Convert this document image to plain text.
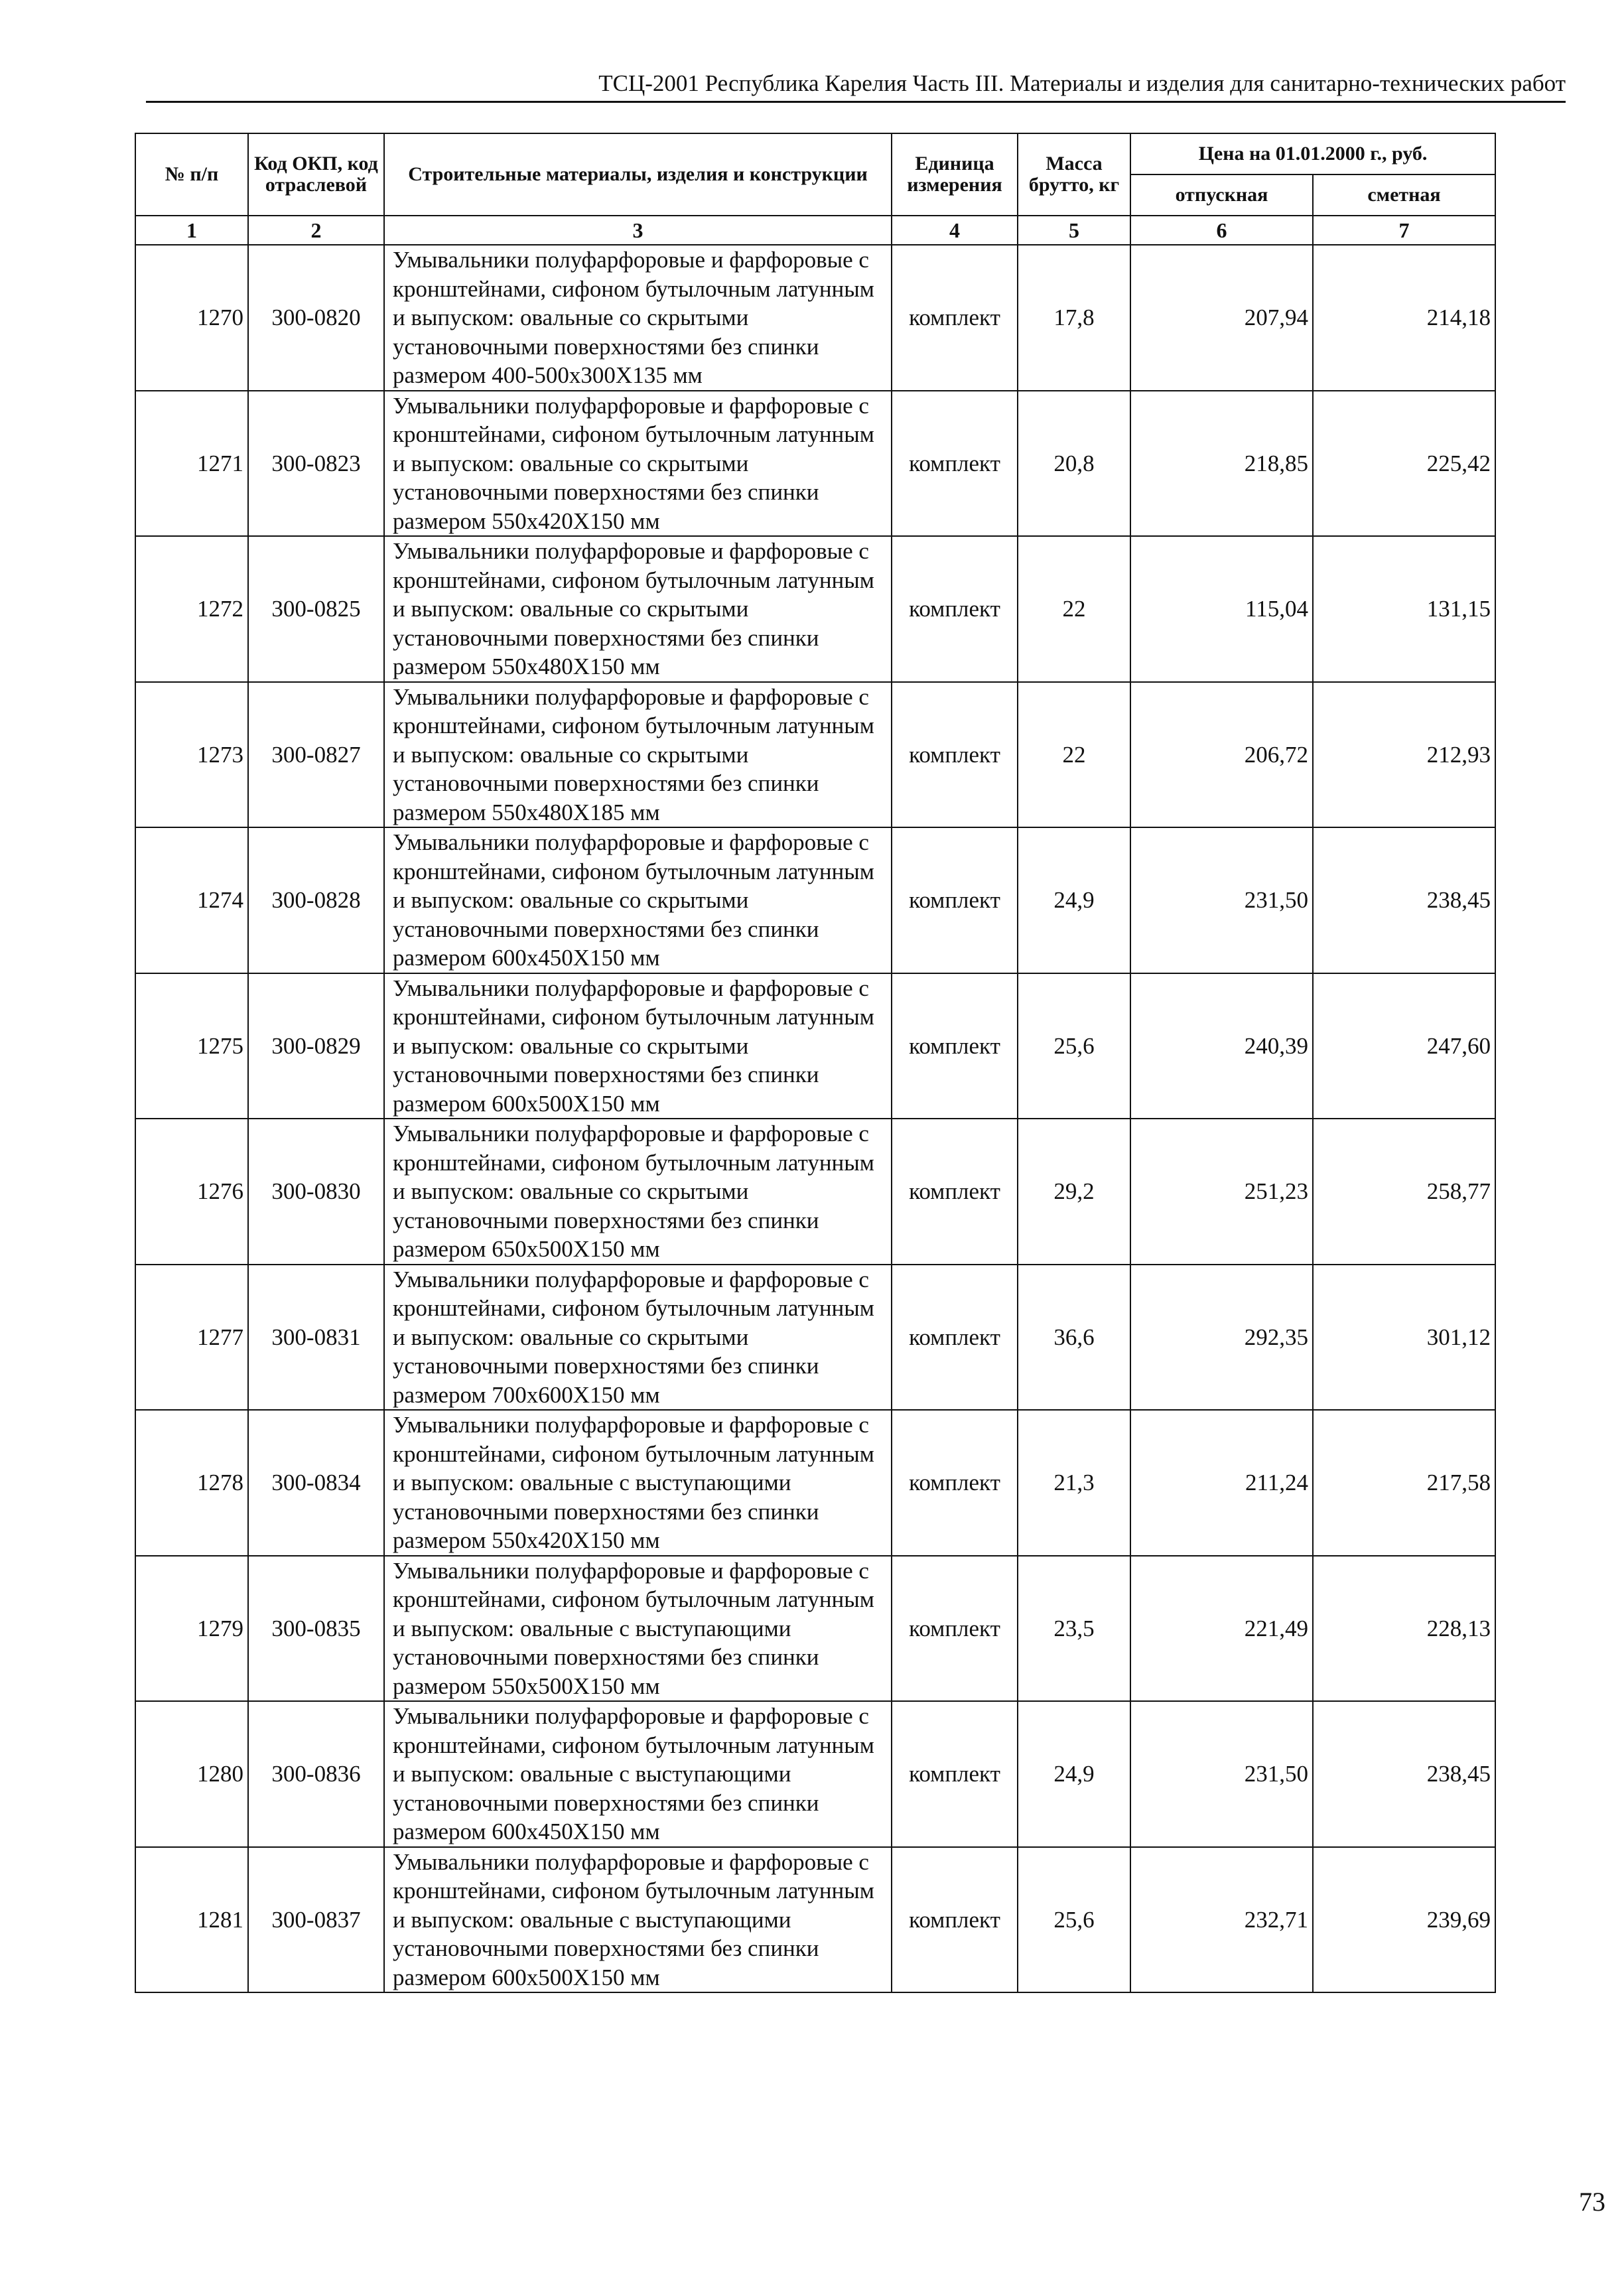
ТСЦ-2001 Республика Карелия Часть III. Материалы и изделия для санитарно-технических работ
№ п/п	Код ОКП, код отраслевой	Строительные материалы, изделия и конструкции	Единица измерения	Масса брутто, кг	Цена на 01.01.2000 г., руб.	
					отпускная	сметная
1	2	3	4	5	6	7
1270	300-0820	Умывальники полуфарфоровые и фарфоровые с кронштейнами, сифоном бутылочным латунным и выпуском: овальные со скрытыми установочными поверхностями без спинки размером 400-500х300Х135 мм	комплект	17,8	207,94	214,18
1271	300-0823	Умывальники полуфарфоровые и фарфоровые с кронштейнами, сифоном бутылочным латунным и выпуском: овальные со скрытыми установочными поверхностями без спинки размером 550х420Х150 мм	комплект	20,8	218,85	225,42
1272	300-0825	Умывальники полуфарфоровые и фарфоровые с кронштейнами, сифоном бутылочным латунным и выпуском: овальные со скрытыми установочными поверхностями без спинки размером 550х480Х150 мм	комплект	22	115,04	131,15
1273	300-0827	Умывальники полуфарфоровые и фарфоровые с кронштейнами, сифоном бутылочным латунным и выпуском: овальные со скрытыми установочными поверхностями без спинки размером 550х480Х185 мм	комплект	22	206,72	212,93
1274	300-0828	Умывальники полуфарфоровые и фарфоровые с кронштейнами, сифоном бутылочным латунным и выпуском: овальные со скрытыми установочными поверхностями без спинки размером 600х450Х150 мм	комплект	24,9	231,50	238,45
1275	300-0829	Умывальники полуфарфоровые и фарфоровые с кронштейнами, сифоном бутылочным латунным и выпуском: овальные со скрытыми установочными поверхностями без спинки размером 600х500Х150 мм	комплект	25,6	240,39	247,60
1276	300-0830	Умывальники полуфарфоровые и фарфоровые с кронштейнами, сифоном бутылочным латунным и выпуском: овальные со скрытыми установочными поверхностями без спинки размером 650х500Х150 мм	комплект	29,2	251,23	258,77
1277	300-0831	Умывальники полуфарфоровые и фарфоровые с кронштейнами, сифоном бутылочным латунным и выпуском: овальные со скрытыми установочными поверхностями без спинки размером 700х600Х150 мм	комплект	36,6	292,35	301,12
1278	300-0834	Умывальники полуфарфоровые и фарфоровые с кронштейнами, сифоном бутылочным латунным и выпуском: овальные с выступающими установочными поверхностями без спинки размером 550х420Х150 мм	комплект	21,3	211,24	217,58
1279	300-0835	Умывальники полуфарфоровые и фарфоровые с кронштейнами, сифоном бутылочным латунным и выпуском: овальные с выступающими установочными поверхностями без спинки размером 550х500Х150 мм	комплект	23,5	221,49	228,13
1280	300-0836	Умывальники полуфарфоровые и фарфоровые с кронштейнами, сифоном бутылочным латунным и выпуском: овальные с выступающими установочными поверхностями без спинки размером 600х450Х150 мм	комплект	24,9	231,50	238,45
1281	300-0837	Умывальники полуфарфоровые и фарфоровые с кронштейнами, сифоном бутылочным латунным и выпуском: овальные с выступающими установочными поверхностями без спинки размером 600х500Х150 мм	комплект	25,6	232,71	239,69
73
